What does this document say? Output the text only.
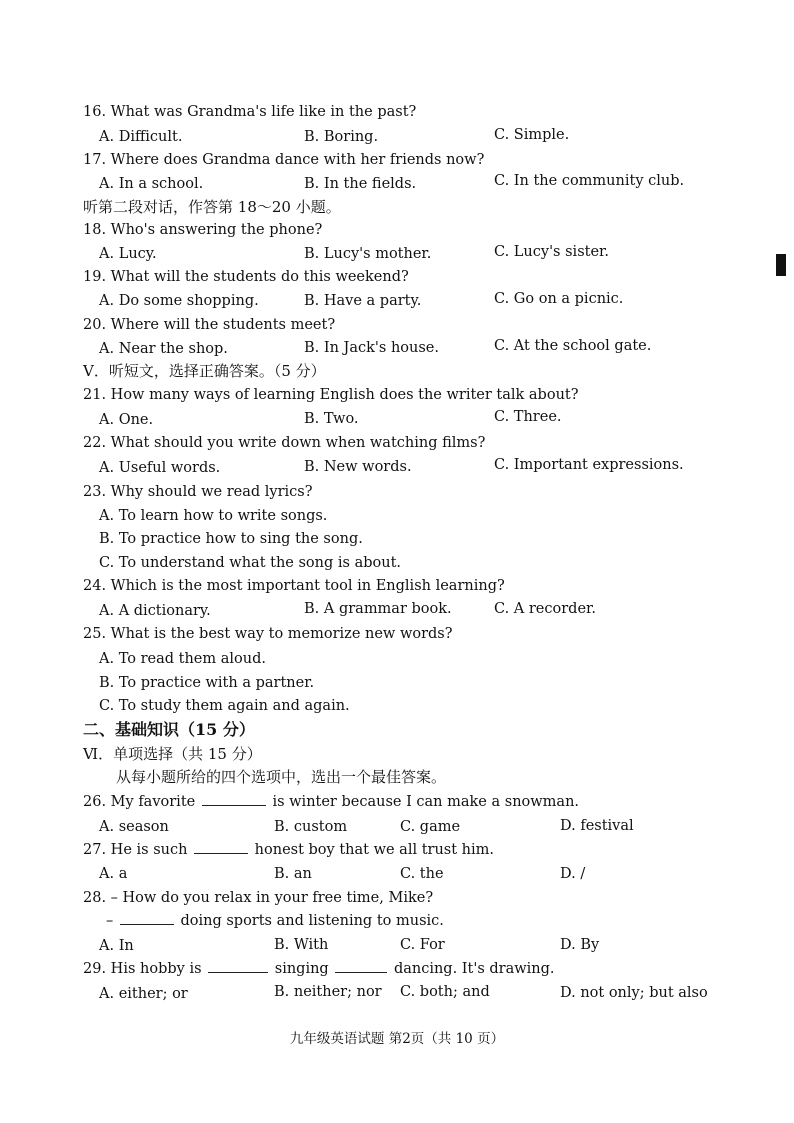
16. What was Grandma's life like in the past?
A. Difficult.	B. Boring.	C. Simple.
17. Where does Grandma dance with her friends now?
A. In a school.	B. In the fields.	C. In the community club.
听第二段对话，作答第 18～20 小题。
18. Who's answering the phone?
A. Lucy.	B. Lucy's mother.	C. Lucy's sister.
19. What will the students do this weekend?
A. Do some shopping.	B. Have a party.	C. Go on a picnic.
20. Where will the students meet?
A. Near the shop.	B. In Jack's house.	C. At the school gate.
Ⅴ．听短文，选择正确答案。（5 分）
21. How many ways of learning English does the writer talk about?
A. One.	B. Two.	C. Three.
22. What should you write down when watching films?
A. Useful words.	B. New words.	C. Important expressions.
23. Why should we read lyrics?
A. To learn how to write songs.
B. To practice how to sing the song.
C. To understand what the song is about.
24. Which is the most important tool in English learning?
A. A dictionary.	B. A grammar book.	C. A recorder.
25. What is the best way to memorize new words?
A. To read them aloud.
B. To practice with a partner.
C. To study them again and again.
二、基础知识（15 分）
Ⅵ．单项选择（共 15 分）
从每小题所给的四个选项中，选出一个最佳答案。
26. My favorite	is winter because I can make a snowman.
A. season	B. custom	C. game	D. festival
27. He is such	honest boy that we all trust him.
A. a	B. an	C. the	D. /
28. – How do you relax in your free time, Mike?
–	doing sports and listening to music.
A. In	B. With	C. For	D. By
29. His hobby is	singing	dancing. It's drawing.
A. either; or	B. neither; nor C. both; and	D. not only; but also
九年级英语试题 第2页（共 10 页）
